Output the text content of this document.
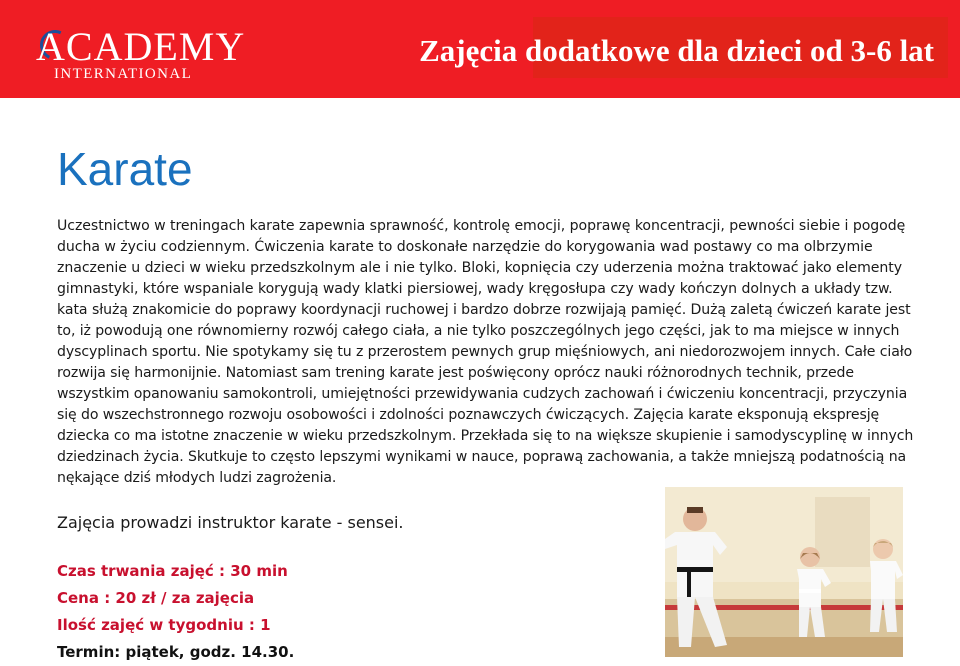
ACADEMY
INTERNATIONAL
Zajęcia dodatkowe dla dzieci od 3-6 lat
Karate
Uczestnictwo w treningach karate zapewnia sprawność, kontrolę emocji, poprawę koncentracji, pewności siebie i pogodę ducha w życiu codziennym. Ćwiczenia karate to doskonałe narzędzie do korygowania wad postawy co ma olbrzymie znaczenie u dzieci w wieku przedszkolnym ale i nie tylko. Bloki, kopnięcia czy uderzenia można traktować jako elementy gimnastyki, które wspaniale korygują wady klatki piersiowej, wady kręgosłupa czy wady kończyn dolnych a układy tzw. kata służą znakomicie do poprawy koordynacji ruchowej i bardzo dobrze rozwijają pamięć. Dużą zaletą ćwiczeń karate jest to, iż powodują one równomierny rozwój całego ciała, a nie tylko poszczególnych jego części, jak to ma miejsce w innych dyscyplinach sportu. Nie spotykamy się tu z przerostem pewnych grup mięśniowych, ani niedorozwojem innych. Całe ciało rozwija się harmonijnie. Natomiast sam trening karate jest poświęcony oprócz nauki różnorodnych technik, przede wszystkim opanowaniu samokontroli, umiejętności przewidywania cudzych zachowań i ćwiczeniu koncentracji, przyczynia się do wszechstronnego rozwoju osobowości i zdolności poznawczych ćwiczących. Zajęcia karate eksponują ekspresję dziecka co ma istotne znaczenie w wieku przedszkolnym. Przekłada się to na większe skupienie i samodyscyplinę w innych dziedzinach życia. Skutkuje to często lepszymi wynikami w nauce, poprawą zachowania, a także mniejszą podatnością na nękające dziś młodych ludzi zagrożenia.
Zajęcia prowadzi instruktor karate - sensei.
Czas trwania zajęć : 30 min
Cena : 20 zł / za zajęcia
Ilość zajęć w tygodniu : 1
Termin: piątek, godz. 14.30.
